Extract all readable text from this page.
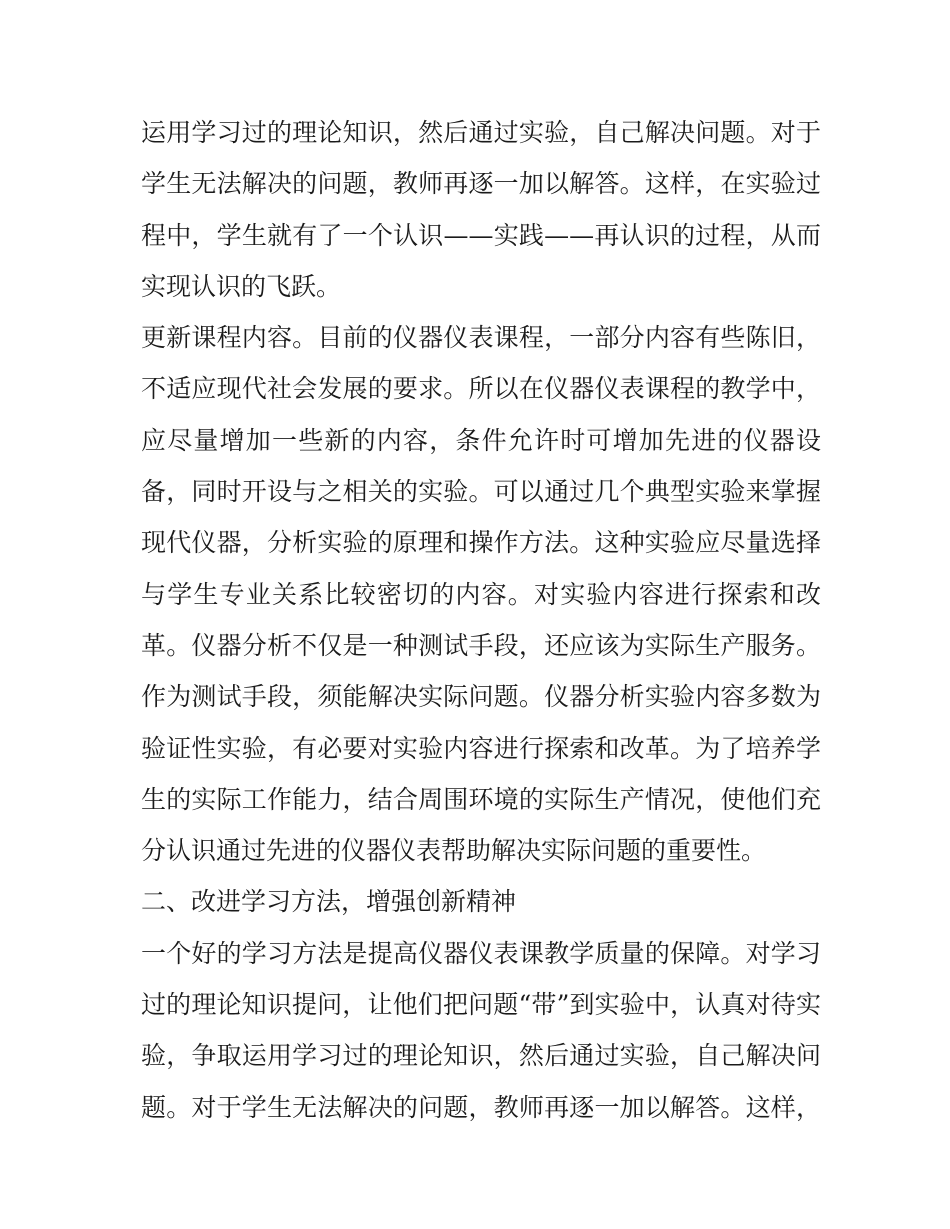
运用学习过的理论知识，然后通过实验，自己解决问题。对于
学生无法解决的问题，教师再逐一加以解答。这样，在实验过
程中，学生就有了一个认识——实践——再认识的过程，从而
实现认识的飞跃。
更新课程内容。目前的仪器仪表课程，一部分内容有些陈旧，
不适应现代社会发展的要求。所以在仪器仪表课程的教学中，
应尽量增加一些新的内容，条件允许时可增加先进的仪器设
备，同时开设与之相关的实验。可以通过几个典型实验来掌握
现代仪器，分析实验的原理和操作方法。这种实验应尽量选择
与学生专业关系比较密切的内容。对实验内容进行探索和改
革。仪器分析不仅是一种测试手段，还应该为实际生产服务。
作为测试手段，须能解决实际问题。仪器分析实验内容多数为
验证性实验，有必要对实验内容进行探索和改革。为了培养学
生的实际工作能力，结合周围环境的实际生产情况，使他们充
分认识通过先进的仪器仪表帮助解决实际问题的重要性。
二、改进学习方法，增强创新精神
一个好的学习方法是提高仪器仪表课教学质量的保障。对学习
过的理论知识提问，让他们把问题“带”到实验中，认真对待实
验，争取运用学习过的理论知识，然后通过实验，自己解决问
题。对于学生无法解决的问题，教师再逐一加以解答。这样，
